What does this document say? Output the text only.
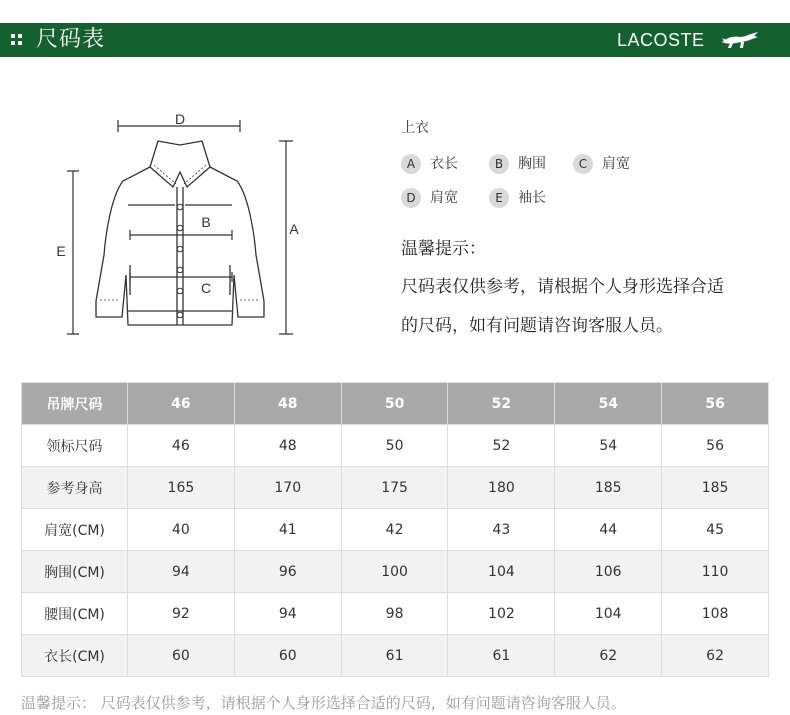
尺码表	LACOSTE
D
A
E
B
C
上衣
A 衣长	B 胸围	C 肩宽
D 肩宽	E 袖长
温馨提示：
尺码表仅供参考，请根据个人身形选择合适
的尺码，如有问题请咨询客服人员。
吊牌尺码	46	48	50	52	54	56
领标尺码	46	48	50	52	54	56
参考身高	165	170	175	180	185	185
肩宽(CM)	40	41	42	43	44	45
胸围(CM)	94	96	100	104	106	110
腰围(CM)	92	94	98	102	104	108
衣长(CM)	60	60	61	61	62	62
温馨提示： 尺码表仅供参考，请根据个人身形选择合适的尺码，如有问题请咨询客服人员。
